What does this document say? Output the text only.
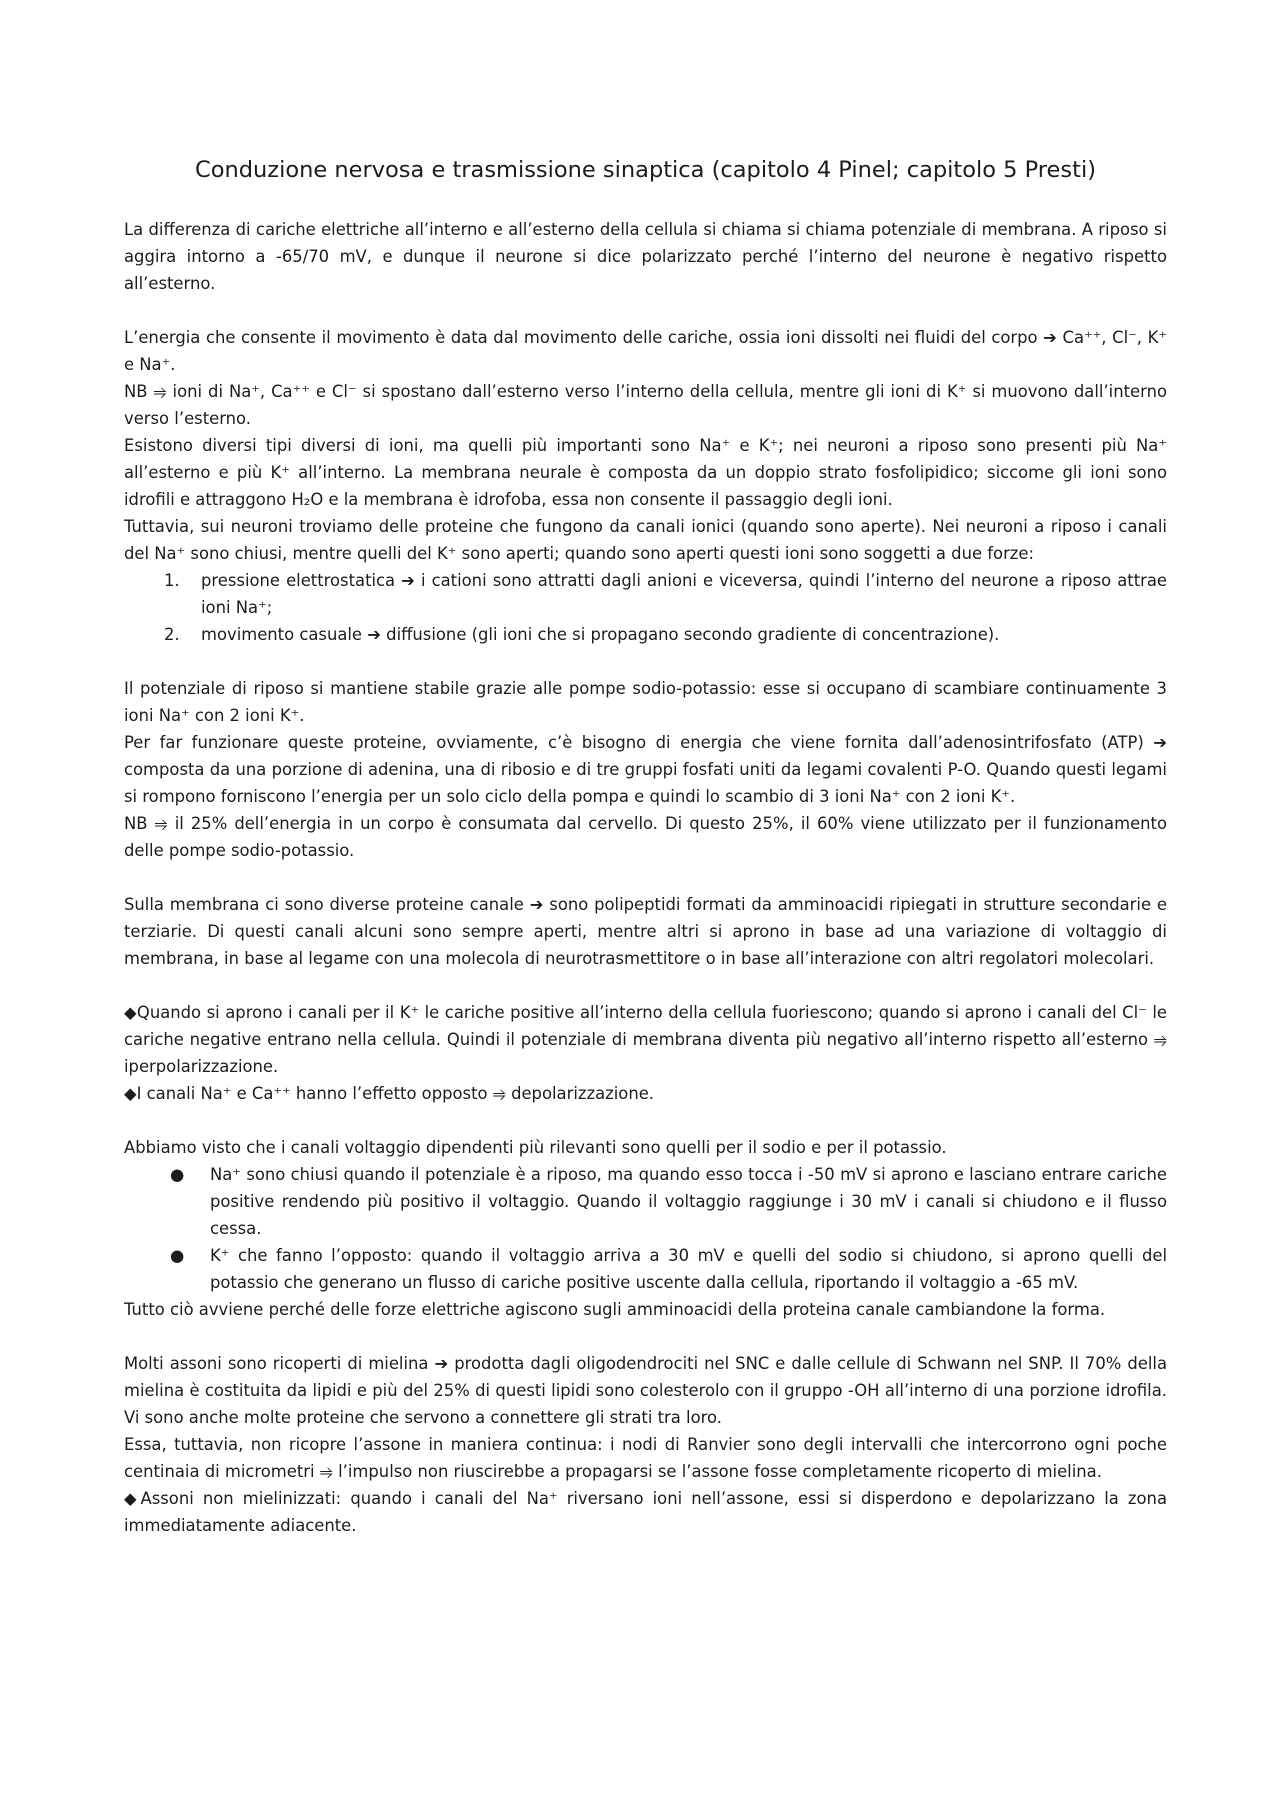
Conduzione nervosa e trasmissione sinaptica (capitolo 4 Pinel; capitolo 5 Presti)

La differenza di cariche elettriche all’interno e all’esterno della cellula si chiama si chiama potenziale di membrana. A riposo si aggira intorno a -65/70 mV, e dunque il neurone si dice polarizzato perché l’interno del neurone è negativo rispetto all’esterno.

L’energia che consente il movimento è data dal movimento delle cariche, ossia ioni dissolti nei fluidi del corpo ➔ Ca⁺⁺, Cl⁻, K⁺ e Na⁺.

NB ⥤ ioni di Na⁺, Ca⁺⁺ e Cl⁻ si spostano dall’esterno verso l’interno della cellula, mentre gli ioni di K⁺ si muovono dall’interno verso l’esterno.

Esistono diversi tipi diversi di ioni, ma quelli più importanti sono Na⁺ e K⁺; nei neuroni a riposo sono presenti più Na⁺ all’esterno e più K⁺ all’interno. La membrana neurale è composta da un doppio strato fosfolipidico; siccome gli ioni sono idrofili e attraggono H₂O e la membrana è idrofoba, essa non consente il passaggio degli ioni.

Tuttavia, sui neuroni troviamo delle proteine che fungono da canali ionici (quando sono aperte). Nei neuroni a riposo i canali del Na⁺ sono chiusi, mentre quelli del K⁺ sono aperti; quando sono aperti questi ioni sono soggetti a due forze:

1. pressione elettrostatica ➔ i cationi sono attratti dagli anioni e viceversa, quindi l’interno del neurone a riposo attrae ioni Na⁺;
2. movimento casuale ➔ diffusione (gli ioni che si propagano secondo gradiente di concentrazione).

Il potenziale di riposo si mantiene stabile grazie alle pompe sodio-potassio: esse si occupano di scambiare continuamente 3 ioni Na⁺ con 2 ioni K⁺.

Per far funzionare queste proteine, ovviamente, c’è bisogno di energia che viene fornita dall’adenosintrifosfato (ATP) ➔ composta da una porzione di adenina, una di ribosio e di tre gruppi fosfati uniti da legami covalenti P-O. Quando questi legami si rompono forniscono l’energia per un solo ciclo della pompa e quindi lo scambio di 3 ioni Na⁺ con 2 ioni K⁺.

NB ⥤ il 25% dell’energia in un corpo è consumata dal cervello. Di questo 25%, il 60% viene utilizzato per il funzionamento delle pompe sodio-potassio.

Sulla membrana ci sono diverse proteine canale ➔ sono polipeptidi formati da amminoacidi ripiegati in strutture secondarie e terziarie. Di questi canali alcuni sono sempre aperti, mentre altri si aprono in base ad una variazione di voltaggio di membrana, in base al legame con una molecola di neurotrasmettitore o in base all’interazione con altri regolatori molecolari.

◆Quando si aprono i canali per il K⁺ le cariche positive all’interno della cellula fuoriescono; quando si aprono i canali del Cl⁻ le cariche negative entrano nella cellula. Quindi il potenziale di membrana diventa più negativo all’interno rispetto all’esterno ⥤ iperpolarizzazione.

◆I canali Na⁺ e Ca⁺⁺ hanno l’effetto opposto ⥤ depolarizzazione.

Abbiamo visto che i canali voltaggio dipendenti più rilevanti sono quelli per il sodio e per il potassio.

● Na⁺ sono chiusi quando il potenziale è a riposo, ma quando esso tocca i -50 mV si aprono e lasciano entrare cariche positive rendendo più positivo il voltaggio. Quando il voltaggio raggiunge i 30 mV i canali si chiudono e il flusso cessa.
● K⁺ che fanno l’opposto: quando il voltaggio arriva a 30 mV e quelli del sodio si chiudono, si aprono quelli del potassio che generano un flusso di cariche positive uscente dalla cellula, riportando il voltaggio a -65 mV.

Tutto ciò avviene perché delle forze elettriche agiscono sugli amminoacidi della proteina canale cambiandone la forma.

Molti assoni sono ricoperti di mielina ➔ prodotta dagli oligodendrociti nel SNC e dalle cellule di Schwann nel SNP. Il 70% della mielina è costituita da lipidi e più del 25% di questi lipidi sono colesterolo con il gruppo -OH all’interno di una porzione idrofila. Vi sono anche molte proteine che servono a connettere gli strati tra loro.

Essa, tuttavia, non ricopre l’assone in maniera continua: i nodi di Ranvier sono degli intervalli che intercorrono ogni poche centinaia di micrometri ⥤ l’impulso non riuscirebbe a propagarsi se l’assone fosse completamente ricoperto di mielina.

◆Assoni non mielinizzati: quando i canali del Na⁺ riversano ioni nell’assone, essi si disperdono e depolarizzano la zona immediatamente adiacente.
